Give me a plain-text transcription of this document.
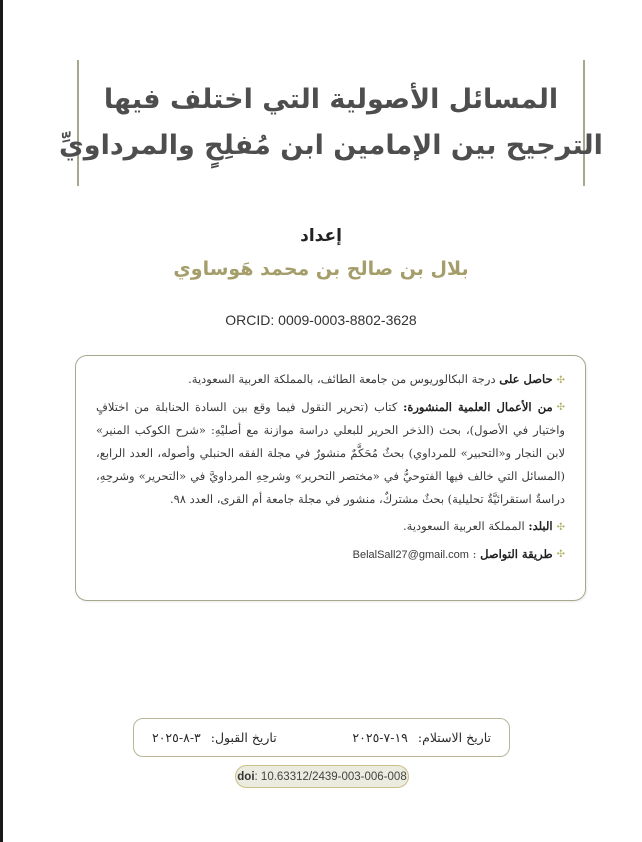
المسائل الأصولية التي اختلف فيها
الترجيح بين الإمامين ابن مُفلِحٍ والمرداويِّ
إعداد
بلال بن صالح بن محمد هَوساوي
ORCID: 0009-0003-8802-3628
✣حاصل على درجة البكالوريوس من جامعة الطائف، بالمملكة العربية السعودية.
✣من الأعمال العلمية المنشورة: كتاب (تحرير النقول فيما وقع بين السادة الحنابلة من اختلافٍ واختيار في الأصول)، بحث (الذخر الحرير للبعلي دراسة موازنة مع أصليْهِ: «شرح الكوكب المنير» لابن النجار و«التحبير» للمرداوي) بحثٌ مُحَكَّمٌ منشورٌ في مجلة الفقه الحنبلي وأصوله، العدد الرابع، (المسائل التي خالف فيها الفتوحيُّ في «مختصر التحرير» وشرحِهِ المرداويَّ في «التحرير» وشرحِهِ، دراسةٌ استقرائيَّةٌ تحليلية) بحثٌ مشتركٌ، منشور في مجلة جامعة أم القرى، العدد ٩٨.
✣البلد: المملكة العربية السعودية.
✣طريقة التواصل : BelalSall27@gmail.com
تاريخ الاستلام: ١٩-٧-٢٠٢٥
تاريخ القبول: ٣-٨-٢٠٢٥
doi : 10.63312/2439-003-006-008
